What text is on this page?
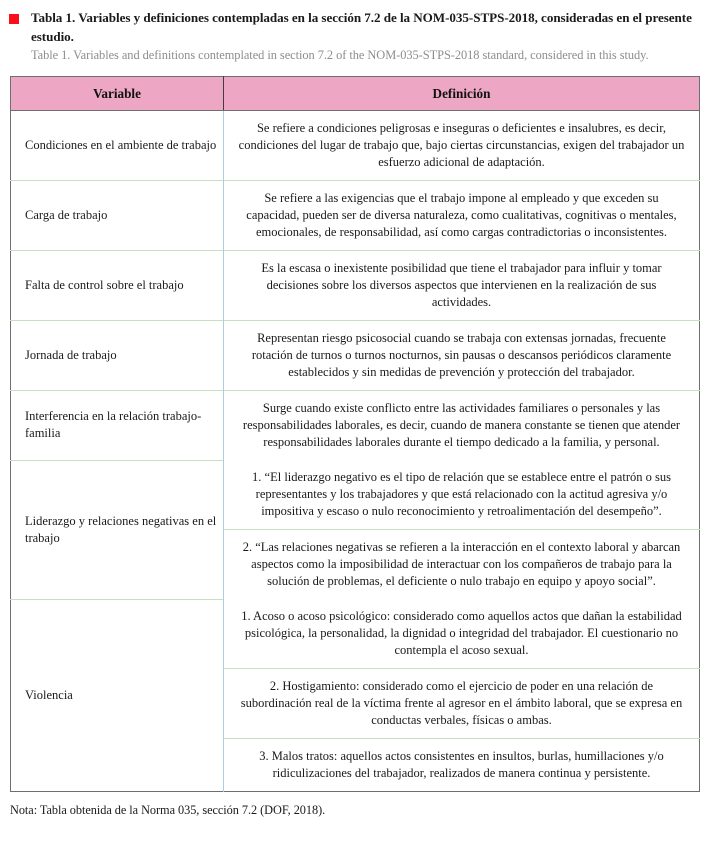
Tabla 1. Variables y definiciones contempladas en la sección 7.2 de la NOM-035-STPS-2018, consideradas en el presente estudio.

Table 1. Variables and definitions contemplated in section 7.2 of the NOM-035-STPS-2018 standard, considered in this study.

Variable	Definición
Condiciones en el ambiente de trabajo	Se refiere a condiciones peligrosas e inseguras o deficientes e insalubres, es decir, condiciones del lugar de trabajo que, bajo ciertas circunstancias, exigen del trabajador un esfuerzo adicional de adaptación.
Carga de trabajo	Se refiere a las exigencias que el trabajo impone al empleado y que exceden su capacidad, pueden ser de diversa naturaleza, como cualitativas, cognitivas o mentales, emocionales, de responsabilidad, así como cargas contradictorias o inconsistentes.
Falta de control sobre el trabajo	Es la escasa o inexistente posibilidad que tiene el trabajador para influir y tomar decisiones sobre los diversos aspectos que intervienen en la realización de sus actividades.
Jornada de trabajo	Representan riesgo psicosocial cuando se trabaja con extensas jornadas, frecuente rotación de turnos o turnos nocturnos, sin pausas o descansos periódicos claramente establecidos y sin medidas de prevención y protección del trabajador.
Interferencia en la relación trabajo-familia	Surge cuando existe conflicto entre las actividades familiares o personales y las responsabilidades laborales, es decir, cuando de manera constante se tienen que atender responsabilidades laborales durante el tiempo dedicado a la familia, y personal.
Liderazgo y relaciones negativas en el trabajo	1. “El liderazgo negativo es el tipo de relación que se establece entre el patrón o sus representantes y los trabajadores y que está relacionado con la actitud agresiva y/o impositiva y escaso o nulo reconocimiento y retroalimentación del desempeño”.
	2. “Las relaciones negativas se refieren a la interacción en el contexto laboral y abarcan aspectos como la imposibilidad de interactuar con los compañeros de trabajo para la solución de problemas, el deficiente o nulo trabajo en equipo y apoyo social”.
Violencia	1. Acoso o acoso psicológico: considerado como aquellos actos que dañan la estabilidad psicológica, la personalidad, la dignidad o integridad del trabajador. El cuestionario no contempla el acoso sexual.
	2. Hostigamiento: considerado como el ejercicio de poder en una relación de subordinación real de la víctima frente al agresor en el ámbito laboral, que se expresa en conductas verbales, físicas o ambas.
	3. Malos tratos: aquellos actos consistentes en insultos, burlas, humillaciones y/o ridiculizaciones del trabajador, realizados de manera continua y persistente.
Nota: Tabla obtenida de la Norma 035, sección 7.2 (DOF, 2018).
